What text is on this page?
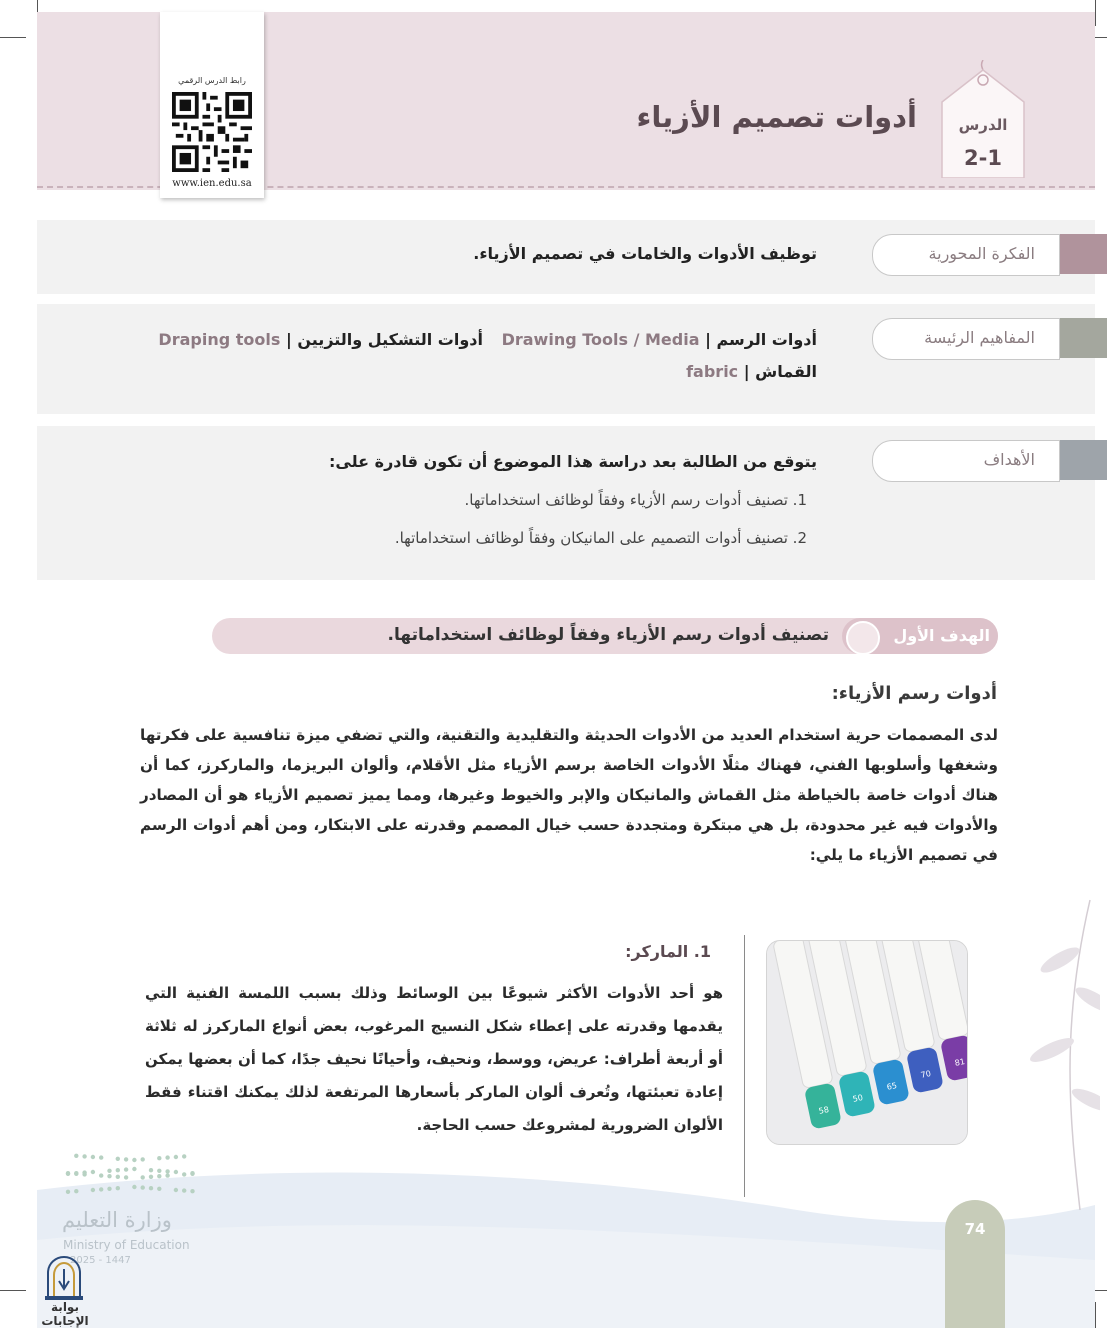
رابط الدرس الرقمي
www.ien.edu.sa
أدوات تصميم الأزياء	الدرس
2-1
الفكرة المحورية
توظيف الأدوات والخامات في تصميم الأزياء.
المفاهيم الرئيسة
أدوات الرسم | Drawing Tools / Media
أدوات التشكيل والتزيين | Draping tools
القماش | fabric
الأهداف
يتوقع من الطالبة بعد دراسة هذا الموضوع أن تكون قادرة على:
1. تصنيف أدوات رسم الأزياء وفقاً لوظائف استخداماتها.
2. تصنيف أدوات التصميم على المانيكان وفقاً لوظائف استخداماتها.
الهدف الأول
تصنيف أدوات رسم الأزياء وفقاً لوظائف استخداماتها.
أدوات رسم الأزياء:
لدى المصممات حرية استخدام العديد من الأدوات الحديثة والتقليدية والتقنية، والتي تضفي ميزة تنافسية على فكرتها وشغفها وأسلوبها الفني، فهناك مثلًا الأدوات الخاصة برسم الأزياء مثل الأقلام، وألوان البريزما، والماركرز، كما أن هناك أدوات خاصة بالخياطة مثل القماش والمانيكان والإبر والخيوط وغيرها، ومما يميز تصميم الأزياء هو أن المصادر والأدوات فيه غير محدودة، بل هي مبتكرة ومتجددة حسب خيال المصمم وقدرته على الابتكار، ومن أهم أدوات الرسم في تصميم الأزياء ما يلي:
1. الماركر:
هو أحد الأدوات الأكثر شيوعًا بين الوسائط وذلك بسبب اللمسة الفنية التي يقدمها وقدرته على إعطاء شكل النسيج المرغوب، بعض أنواع الماركرز له ثلاثة أو أربعة أطراف: عريض، ووسط، ونحيف، وأحيانًا نحيف جدًا، كما أن بعضها يمكن إعادة تعبئتها، وتُعرف ألوان الماركر بأسعارها المرتفعة لذلك يمكنك اقتناء فقط الألوان الضرورية لمشروعك حسب الحاجة.
58
50
65
70
81
74
وزارة التعليم
Ministry of Education
2025 - 1447
بوابة الإجابات
